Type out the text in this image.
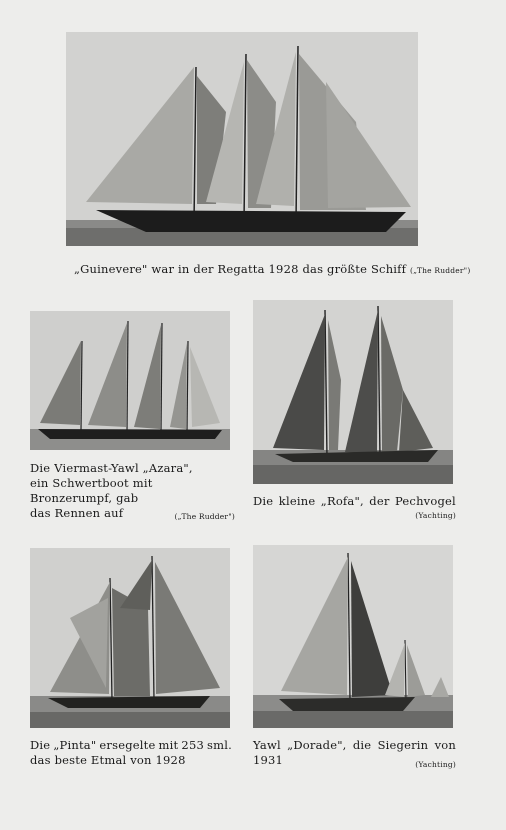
„Guinevere" war in der Regatta 1928 das größte Schiff („The Rudder")
Die Viermast-Yawl „Azara",
ein Schwertboot mit Bronzerumpf, gab
das Rennen auf	(„The Rudder")
Die kleine „Rofa", der Pechvogel
(Yachting)
Die „Pinta" ersegelte mit 253 sml.
das beste Etmal von 1928
Yawl „Dorade", die Siegerin von
1931	(Yachting)
